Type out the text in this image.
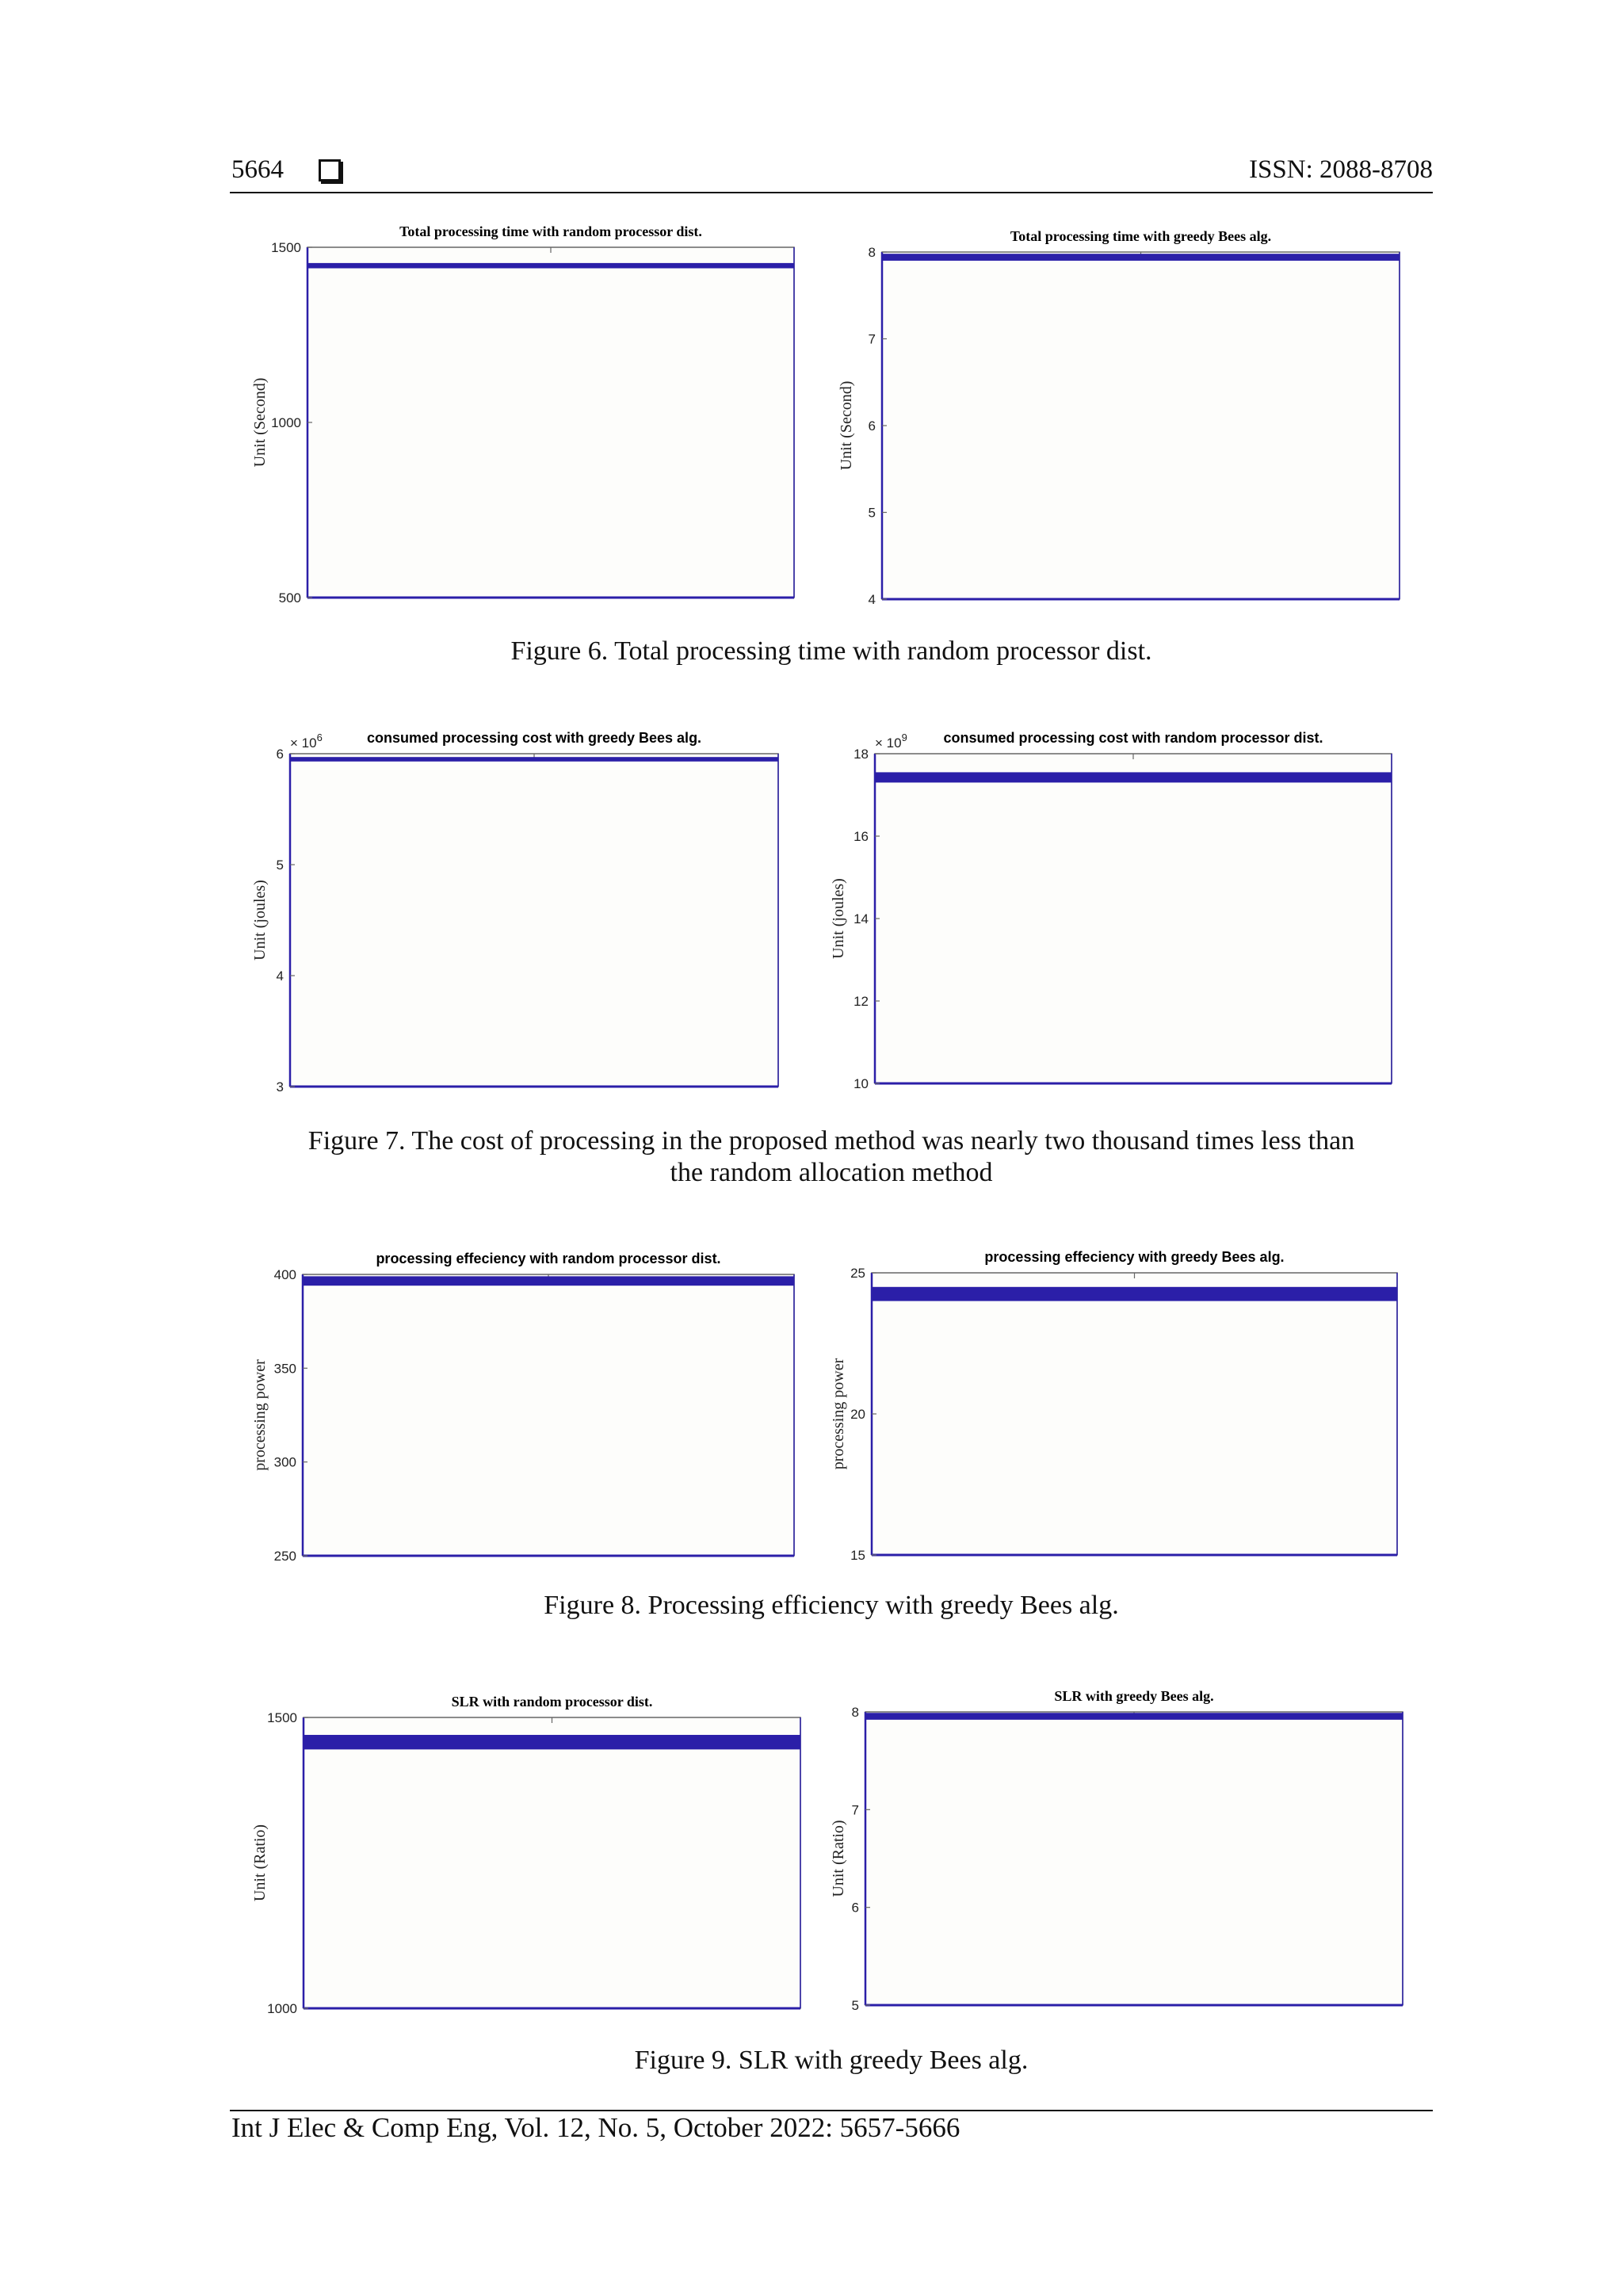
5664	ISSN: 2088-8708
500
1000
1500
Total processing time with random processor dist.
Unit (Second)
4
5
6
7
8
Total processing time with greedy Bees alg.
Unit (Second)
Figure 6. Total processing time with random processor dist.
3
4
5
6
× $10^6$	consumed processing cost with greedy Bees alg.
Unit (joules)
10
12
14
16
18
× $10^9$	consumed processing cost with random processor dist.
Unit (joules)
Figure 7. The cost of processing in the proposed method was nearly two thousand times less than
the random allocation method
250
300
350
400
processing effeciency with random processor dist.
processing power
15
20
25
processing effeciency with greedy Bees alg.
processing power
Figure 8. Processing efficiency with greedy Bees alg.
1000
1500
SLR with random processor dist.
Unit (Ratio)
5
6
7
8
SLR with greedy Bees alg.
Unit (Ratio)
Figure 9. SLR with greedy Bees alg.
Int J Elec & Comp Eng, Vol. 12, No. 5, October 2022: 5657-5666
